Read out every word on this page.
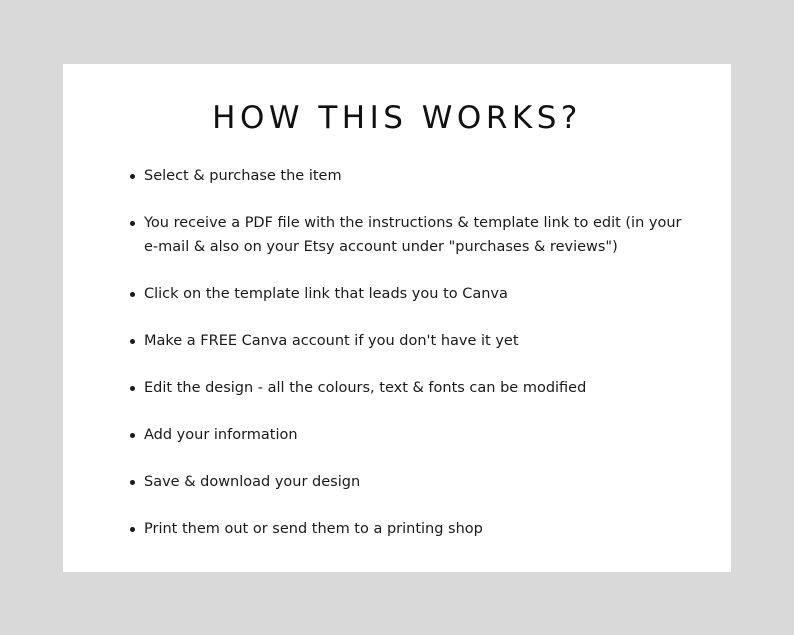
HOW THIS WORKS?
Select & purchase the item
You receive a PDF file with the instructions & template link to edit (in your e-mail & also on your Etsy account under "purchases & reviews")
Click on the template link that leads you to Canva
Make a FREE Canva account if you don't have it yet
Edit the design - all the colours, text & fonts can be modified
Add your information
Save & download your design
Print them out or send them to a printing shop
